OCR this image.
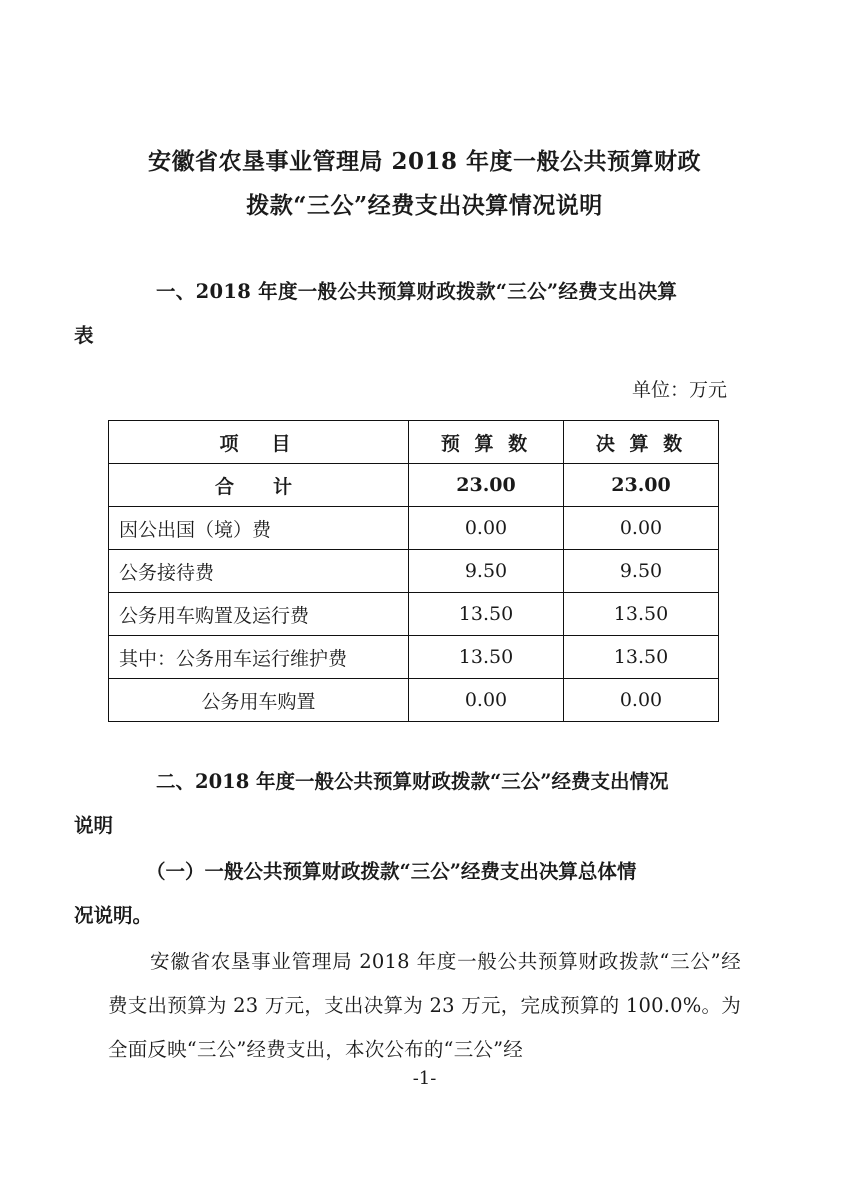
安徽省农垦事业管理局 2018 年度一般公共预算财政
拨款“三公”经费支出决算情况说明
一、2018 年度一般公共预算财政拨款“三公”经费支出决算
表
单位：万元
项　目	预 算 数	决 算 数
合　计	23.00	23.00
因公出国（境）费	0.00	0.00
公务接待费	9.50	9.50
公务用车购置及运行费	13.50	13.50
其中：公务用车运行维护费	13.50	13.50
公务用车购置	0.00	0.00
二、2018 年度一般公共预算财政拨款“三公”经费支出情况
说明
（一）一般公共预算财政拨款“三公”经费支出决算总体情
况说明。

安徽省农垦事业管理局 2018 年度一般公共预算财政拨款“三公”经费支出预算为 23 万元，支出决算为 23 万元，完成预算的 100.0%。为全面反映“三公”经费支出，本次公布的“三公”经

-1-
